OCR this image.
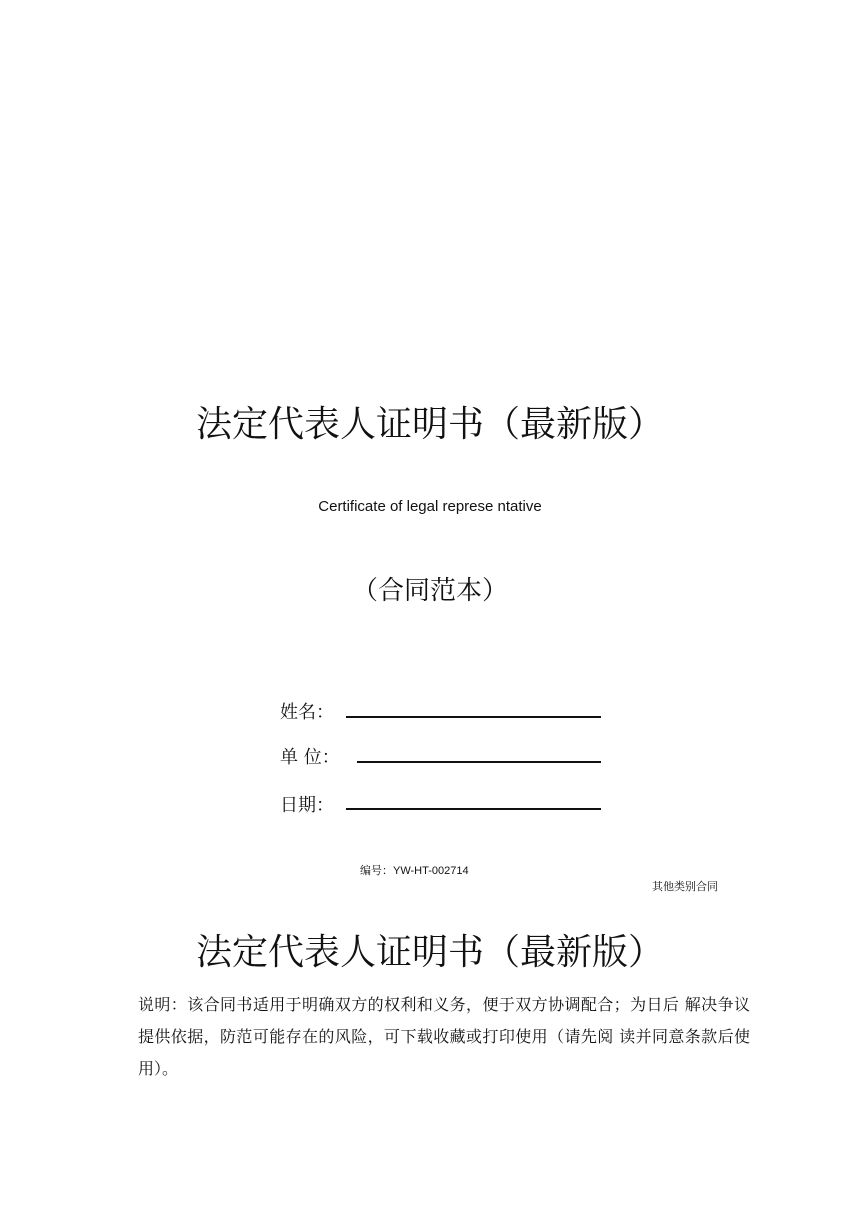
法定代表人证明书（最新版）
Certificate of legal represe ntative
（合同范本）
姓名：
单 位：
日期：
编号：YW-HT-002714
其他类别合同
法定代表人证明书（最新版）
说明：该合同书适用于明确双方的权利和义务，便于双方协调配合；为日后 解决争议提供依据，防范可能存在的风险，可下载收藏或打印使用（请先阅 读并同意条款后使用）。
